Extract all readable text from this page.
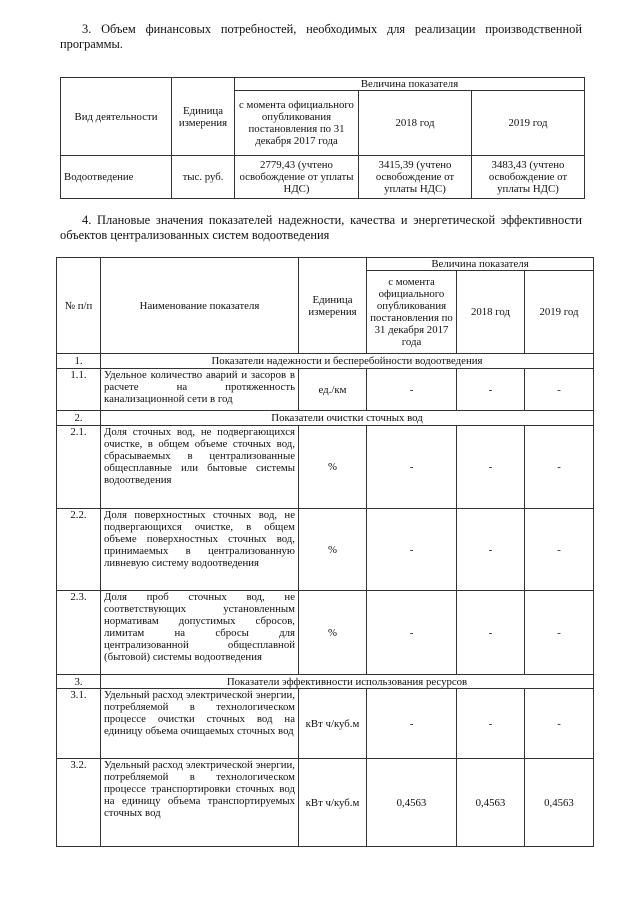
3. Объем финансовых потребностей, необходимых для реализации производственной программы.

Вид деятельности	Единица измерения	Величина показателя		
		с момента официального опубликования постановления по 31 декабря 2017 года	2018 год	2019 год
Водоотведение	тыс. руб.	2779,43 (учтено освобождение от уплаты НДС)	3415,39 (учтено освобождение от уплаты НДС)	3483,43 (учтено освобождение от уплаты НДС)

4. Плановые значения показателей надежности, качества и энергетической эффективности объектов централизованных систем водоотведения

№ п/п	Наименование показателя	Единица измерения	Величина показателя		
			с момента официального опубликования постановления по 31 декабря 2017 года	2018 год	2019 год
1.	Показатели надежности и бесперебойности водоотведения				
1.1.	Удельное количество аварий и засоров в расчете на протяженность канализационной сети в год	ед./км	-	-	-
2.	Показатели очистки сточных вод				
2.1.	Доля сточных вод, не подвергающихся очистке, в общем объеме сточных вод, сбрасываемых в централизованные общесплавные или бытовые системы водоотведения	%	-	-	-
2.2.	Доля поверхностных сточных вод, не подвергающихся очистке, в общем объеме поверхностных сточных вод, принимаемых в централизованную ливневую систему водоотведения	%	-	-	-
2.3.	Доля проб сточных вод, не соответствующих установленным нормативам допустимых сбросов, лимитам на сбросы для централизованной общесплавной (бытовой) системы водоотведения	%	-	-	-
3.	Показатели эффективности использования ресурсов				
3.1.	Удельный расход электрической энергии, потребляемой в технологическом процессе очистки сточных вод на единицу объема очищаемых сточных вод	кВт ч/куб.м	-	-	-
3.2.	Удельный расход электрической энергии, потребляемой в технологическом процессе транспортировки сточных вод на единицу объема транспортируемых сточных вод	кВт ч/куб.м	0,4563	0,4563	0,4563
